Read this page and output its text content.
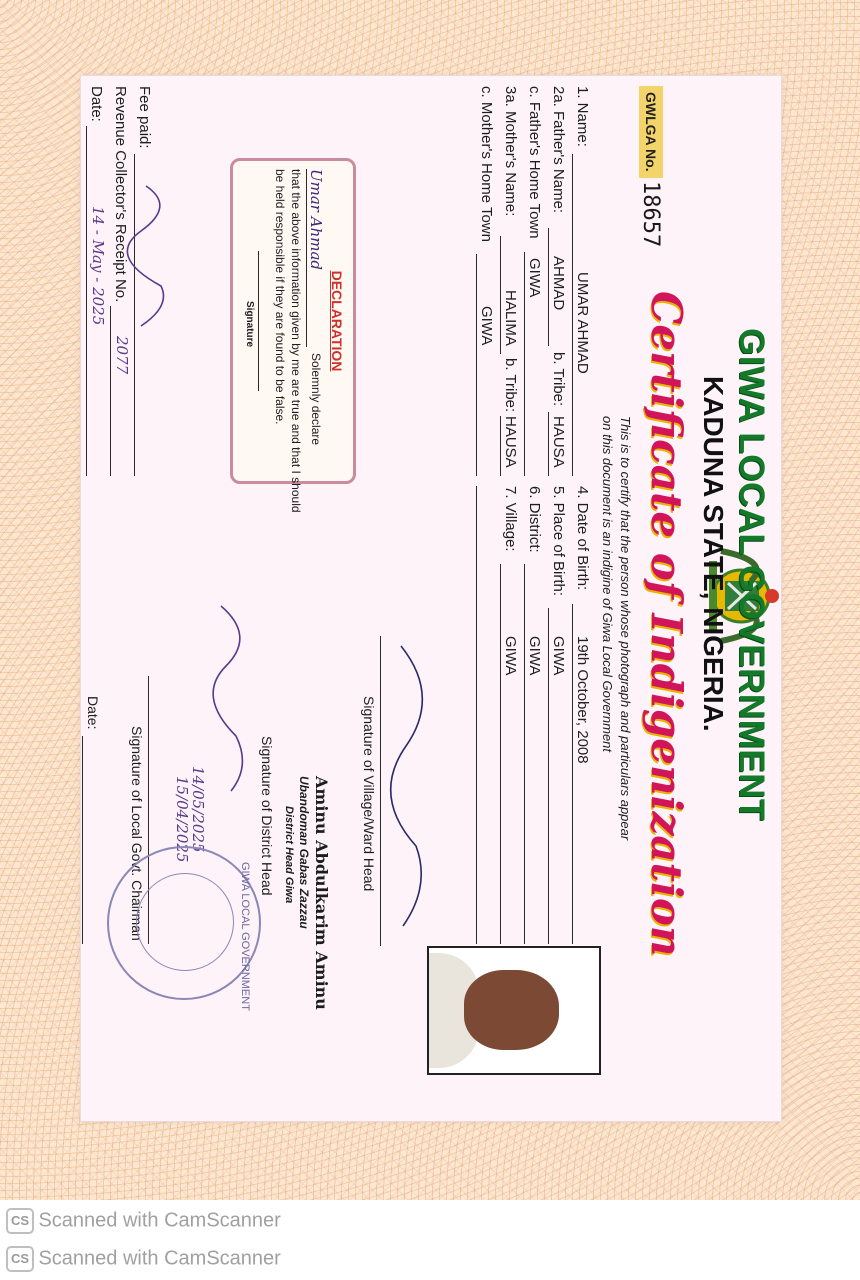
GIWA LOCAL GOVERNMENT
KADUNA STATE, NIGERIA.
Certificate of Indigenization
This is to certify that the person whose photograph and particulars appear
on this document is an indigine of Giwa Local Government
GWLGA No.
18657
1. Name:
UMAR AHMAD
2a. Father's Name:
AHMAD
b. Tribe:
HAUSA
c. Father's Home Town
GIWA
3a. Mother's Name:
HALIMA
b. Tribe:
HAUSA
c. Mother's Home Town
GIWA
4. Date of Birth:
19th October, 2008
5. Place of Birth:
GIWA
6. District:
GIWA
7. Village:
GIWA
DECLARATION
Umar Ahmad
Solemnly declare
that the above information given by me are true and that I should
be held responsible if they are found to be false.
Signature
Fee paid:
Revenue Collector's Receipt No.
2077
Date:
14 - May - 2025
Signature of Village/Ward Head
Aminu Abdulkarim Aminu
Ubandoman Gabas Zazzau
District Head Giwa
Signature of District Head
Date:
14/05/2025
15/04/2025
Signature of Local Govt. Chairman	GIWA LOCAL GOVERNMENT
CS Scanned with CamScanner
CS Scanned with CamScanner
